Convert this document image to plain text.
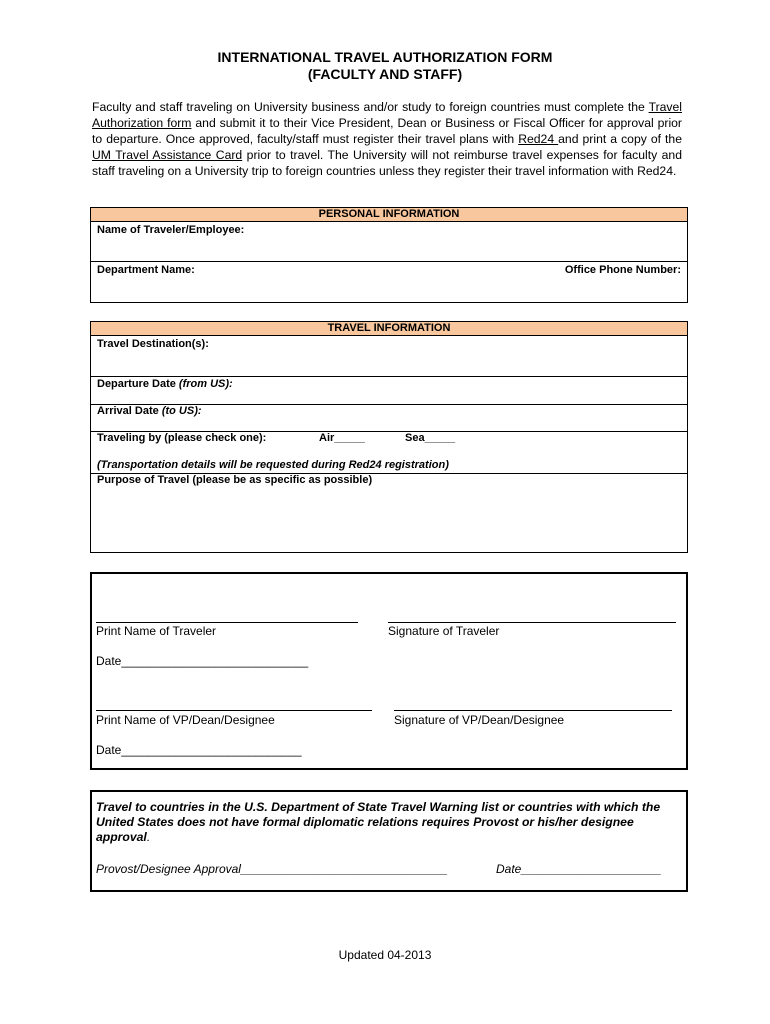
INTERNATIONAL TRAVEL AUTHORIZATION FORM
(FACULTY AND STAFF)
Faculty and staff traveling on University business and/or study to foreign countries must complete the Travel Authorization form and submit it to their Vice President, Dean or Business or Fiscal Officer for approval prior to departure. Once approved, faculty/staff must register their travel plans with Red24 and print a copy of the UM Travel Assistance Card prior to travel. The University will not reimburse travel expenses for faculty and staff traveling on a University trip to foreign countries unless they register their travel information with Red24.
PERSONAL INFORMATION
Name of Traveler/Employee:
Department Name:	Office Phone Number:
TRAVEL INFORMATION
Travel Destination(s):
Departure Date (from US):
Arrival Date (to US):
Traveling by (please check one):	Air_____	Sea_____
(Transportation details will be requested during Red24 registration)
Purpose of Travel (please be as specific as possible)
Print Name of Traveler	Signature of Traveler
Date____________________________
Print Name of VP/Dean/Designee	Signature of VP/Dean/Designee
Date___________________________
Travel to countries in the U.S. Department of State Travel Warning list or countries with which the United States does not have formal diplomatic relations requires Provost or his/her designee approval.
Provost/Designee Approval_______________________________	Date_____________________
Updated 04-2013
